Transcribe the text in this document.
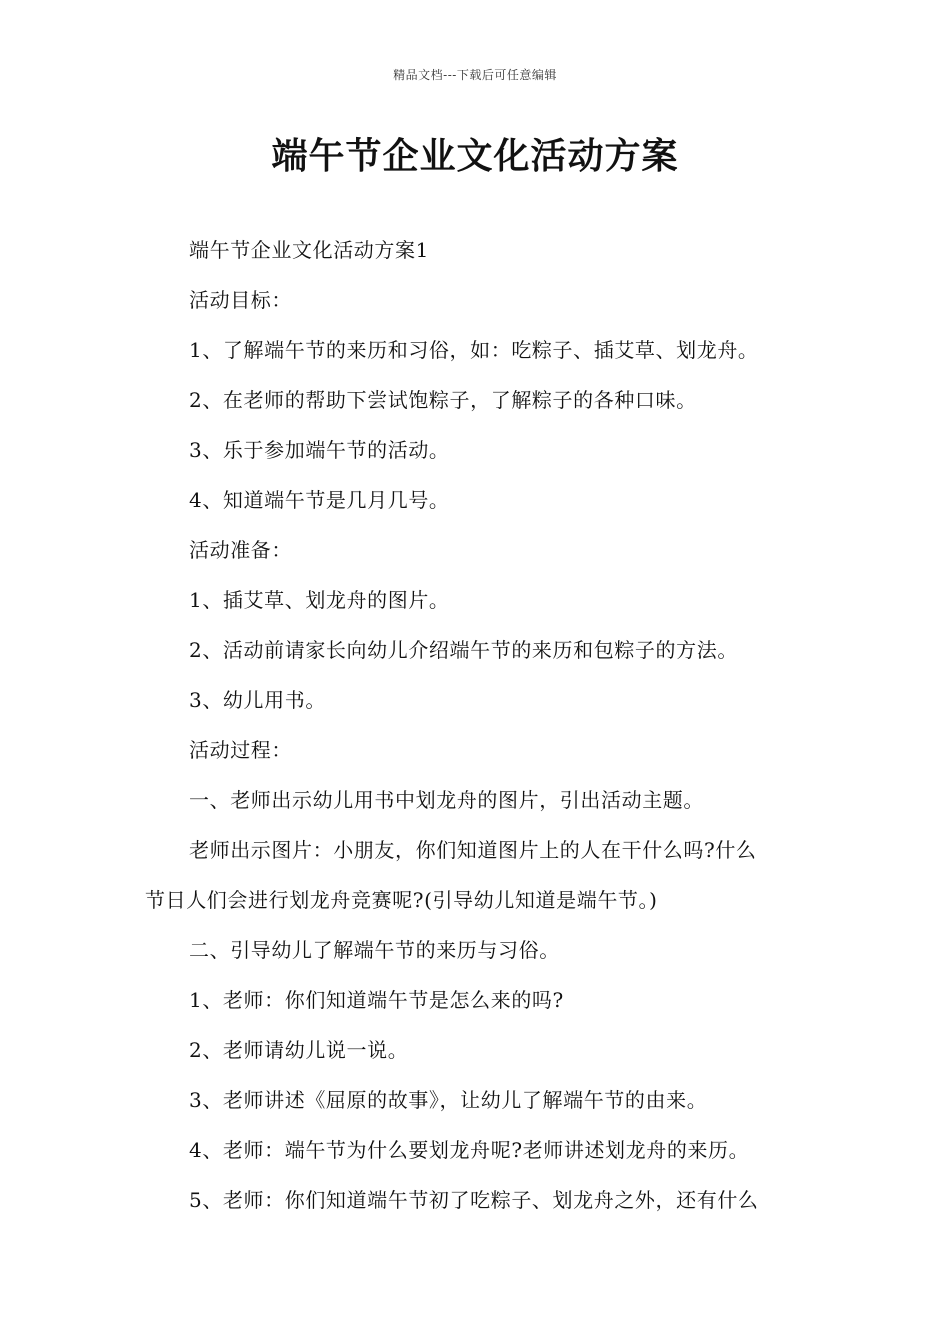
精品文档---下载后可任意编辑
端午节企业文化活动方案
端午节企业文化活动方案1
活动目标：
1、了解端午节的来历和习俗，如：吃粽子、插艾草、划龙舟。
2、在老师的帮助下尝试饱粽子，了解粽子的各种口味。
3、乐于参加端午节的活动。
4、知道端午节是几月几号。
活动准备：
1、插艾草、划龙舟的图片。
2、活动前请家长向幼儿介绍端午节的来历和包粽子的方法。
3、幼儿用书。
活动过程：
一、老师出示幼儿用书中划龙舟的图片，引出活动主题。
老师出示图片：小朋友，你们知道图片上的人在干什么吗?什么
节日人们会进行划龙舟竞赛呢?(引导幼儿知道是端午节。)
二、引导幼儿了解端午节的来历与习俗。
1、老师：你们知道端午节是怎么来的吗?
2、老师请幼儿说一说。
3、老师讲述《屈原的故事》，让幼儿了解端午节的由来。
4、老师：端午节为什么要划龙舟呢?老师讲述划龙舟的来历。
5、老师：你们知道端午节初了吃粽子、划龙舟之外，还有什么
